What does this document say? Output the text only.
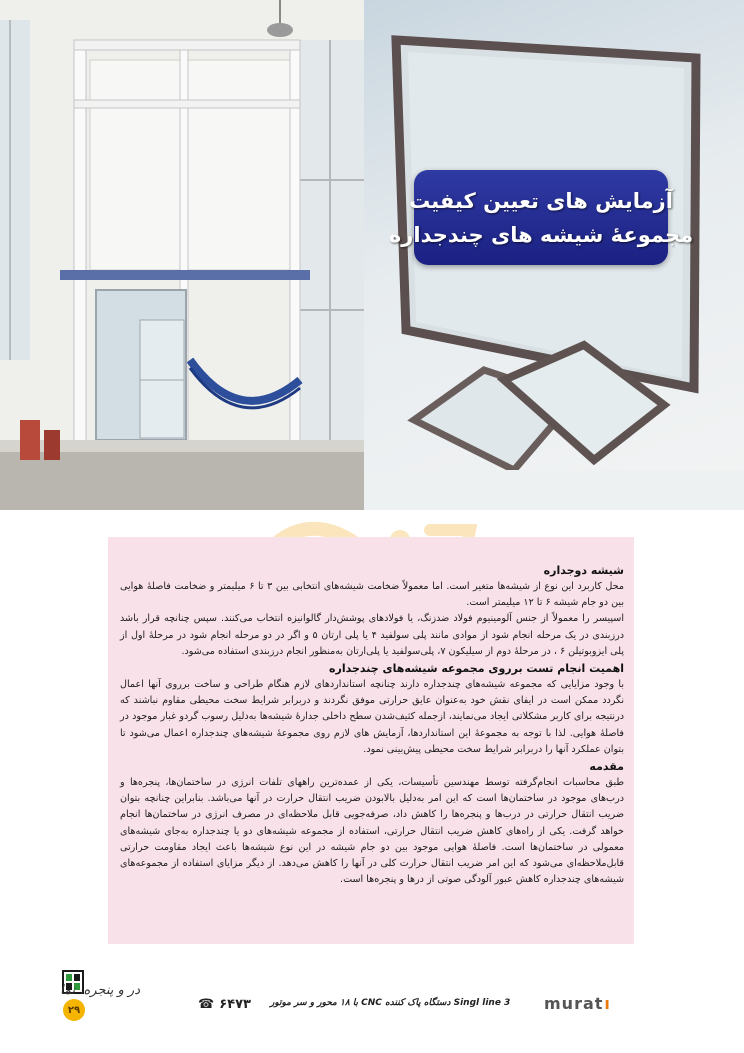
آزمایش های تعیین کیفیت
مجموعۀ شیشه های چندجداره
شیشه دوجداره

محل کاربرد این نوع از شیشه‌ها متغیر است. اما معمولاً ضخامت شیشه‌های انتخابی بین ۳ تا ۶ میلیمتر و ضخامت فاصلۀ هوایی بین دو جام شیشه ۶ تا ۱۲ میلیمتر است.

اسپیسر را معمولاً از جنس آلومینیوم فولاد ضدزنگ، یا فولادهای پوشش‌دار گالوانیزه انتخاب می‌کنند. سپس چنانچه قرار باشد درزبندی در یک مرحله انجام شود از موادی مانند پلی سولفید ۴ یا پلی ارتان ۵ و اگر در دو مرحله انجام شود در مرحلۀ اول از پلی ایزوبوتیلن ۶ ، در مرحلۀ دوم از سیلیکون ۷، پلی‌سولفید یا پلی‌ارتان به‌منظور انجام درزبندی استفاده می‌شود.

اهمیت انجام تست برروی مجموعه شیشه‌های چندجداره

با وجود مزایایی که مجموعه شیشه‌های چندجداره دارند چنانچه استانداردهای لازم هنگام طراحی و ساخت برروی آنها اعمال نگردد ممکن است در ایفای نقش خود به‌عنوان عایق حرارتی موفق نگردند و دربرابر شرایط سخت محیطی مقاوم نباشند که درنتیجه برای کاربر مشکلاتی ایجاد می‌نمایند، ازجمله کثیف‌شدن سطح داخلی جدارۀ شیشه‌ها به‌دلیل رسوب گردو غبار موجود در فاصلۀ هوایی. لذا با توجه به مجموعۀ این استانداردها، آزمایش های لازم روی مجموعۀ شیشه‌های چندجداره اعمال می‌شود تا بتوان عملکرد آنها را دربرابر شرایط سخت محیطی پیش‌بینی نمود.

مقدمه

طبق محاسبات انجام‌گرفته توسط مهندسین تأسیسات، یکی از عمده‌ترین راههای تلفات انرژی در ساختمان‌ها، پنجره‌ها و درب‌های موجود در ساختمان‌ها است که این امر به‌دلیل بالابودن ضریب انتقال حرارت در آنها می‌باشد. بنابراین چنانچه بتوان ضریب انتقال حرارتی در درب‌ها و پنجره‌ها را کاهش داد، صرفه‌جویی قابل ملاحظه‌ای در مصرف انرژی در ساختمان‌ها انجام خواهد گرفت. یکی از راه‌های کاهش ضریب انتقال حرارتی، استفاده از مجموعه شیشه‌های دو یا چندجداره به‌جای شیشه‌های معمولی در ساختمان‌ها است. فاصلۀ هوایی موجود بین دو جام شیشه در این نوع شیشه‌ها باعث ایجاد مقاومت حرارتی قابل‌ملاحظه‌ای می‌شود که این امر ضریب انتقال حرارت کلی در آنها را کاهش می‌دهد. از دیگر مزایای استفاده از مجموعه‌های شیشه‌های چندجداره کاهش عبور آلودگی صوتی از درها و پنجره‌ها است.

در و پنجره، نما
۲۹	☎ ۶۴۷۳ Singl line 3 دستگاه پاک کننده CNC با ۱۸ محور و سر موتور	murat ı
